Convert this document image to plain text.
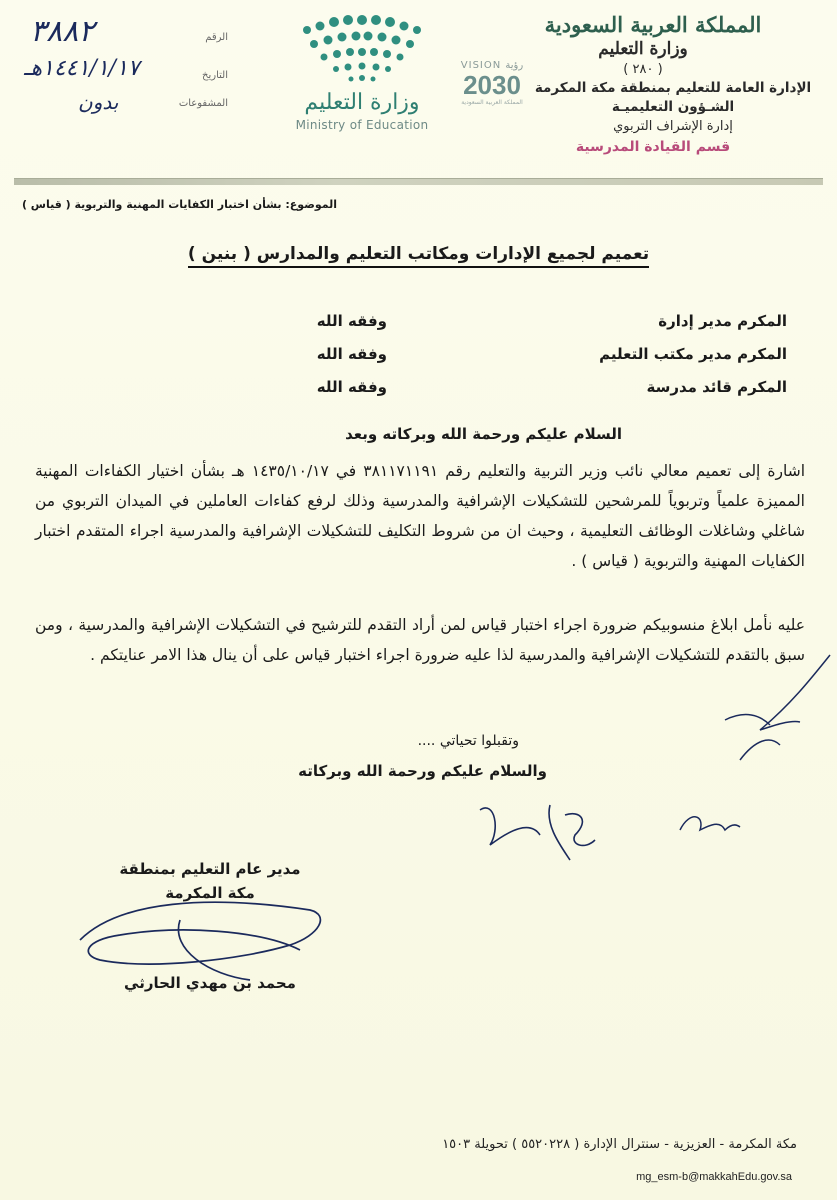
المملكة العربية السعودية
وزارة التعليم
( ٢٨٠ )
الإدارة العامة للتعليم بمنطقة مكة المكرمة
الشـؤون التعليميـة
إدارة الإشراف التربوي
قسم القيادة المدرسية
وزارة التعليم
Ministry of Education
VISION رؤية
2030
المملكة العربية السعودية
الرقم
التاريخ
المشفوعات
٣٨٨٢
١٤٤١/١/١٧هـ
بدون
الموضوع: بشأن اختبار الكفايات المهنية والتربوية ( قياس )
تعميم لجميع الإدارات ومكاتب التعليم والمدارس ( بنين )
المكرم مدير إدارة
وفقه الله
المكرم مدير مكتب التعليم
وفقه الله
المكرم قائد مدرسة
وفقه الله
السلام عليكم ورحمة الله وبركاته وبعد
اشارة إلى تعميم معالي نائب وزير التربية والتعليم رقم ٣٨١١٧١١٩١ في ١٤٣٥/١٠/١٧ هـ بشأن اختيار الكفاءات المهنية المميزة علمياً وتربوياً للمرشحين للتشكيلات الإشرافية والمدرسية وذلك لرفع كفاءات العاملين في الميدان التربوي من شاغلي وشاغلات الوظائف التعليمية ، وحيث ان من شروط التكليف للتشكيلات الإشرافية والمدرسية اجراء المتقدم اختبار الكفايات المهنية والتربوية ( قياس ) .
عليه نأمل ابلاغ منسوبيكم ضرورة اجراء اختبار قياس لمن أراد التقدم للترشيح في التشكيلات الإشرافية والمدرسية ، ومن سبق بالتقدم للتشكيلات الإشرافية والمدرسية لذا عليه ضرورة اجراء اختبار قياس على أن ينال هذا الامر عنايتكم .
وتقبلوا تحياتي ....
والسلام عليكم ورحمة الله وبركاته
مدير عام التعليم بمنطقة
مكة المكرمة
محمد بن مهدي الحارثي
مكة المكرمة - العزيزية - سنترال الإدارة ( ٥٥٢٠٢٢٨ ) تحويلة ١٥٠٣
mg_esm-b@makkahEdu.gov.sa
